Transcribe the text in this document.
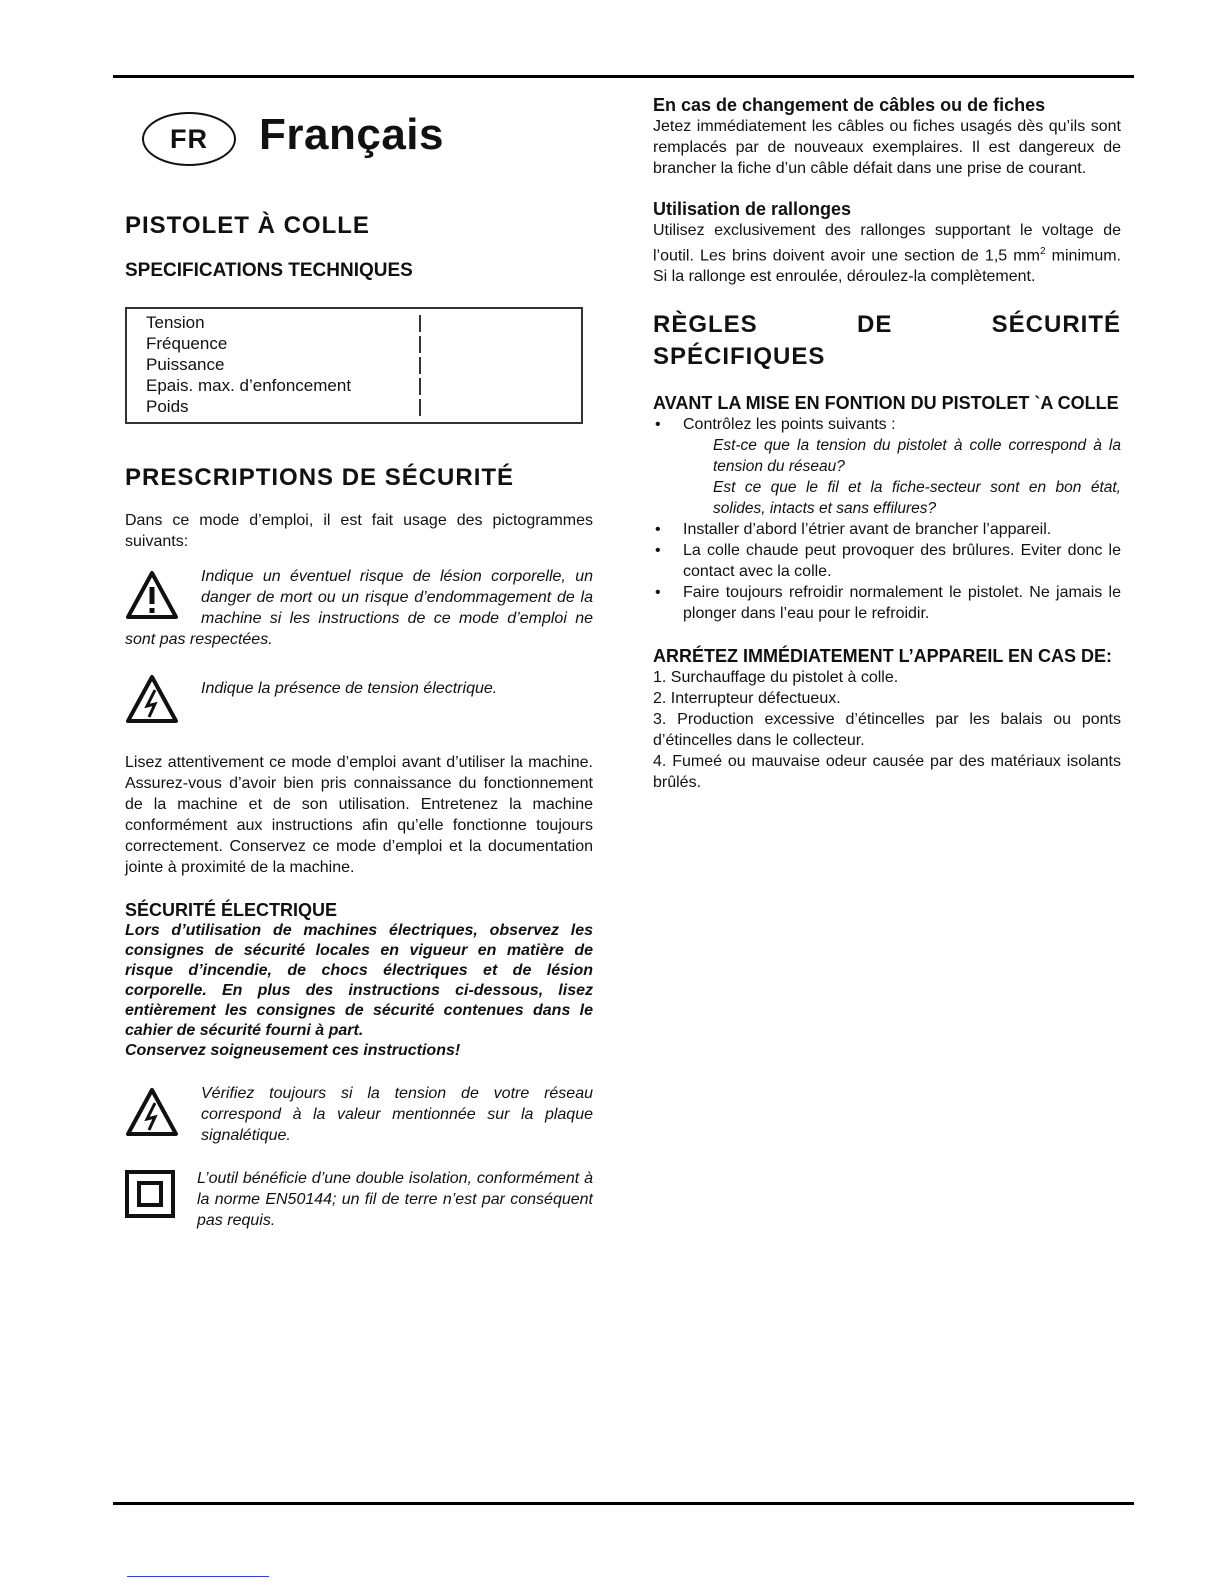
FR	Français
PISTOLET À COLLE
SPECIFICATIONS TECHNIQUES
Tension
Fréquence
Puissance
Epais. max. d’enfoncement
Poids
PRESCRIPTIONS DE SÉCURITÉ

Dans ce mode d’emploi, il est fait usage des pictogrammes suivants:

Indique un éventuel risque de lésion corporelle, un danger de mort ou un risque d’endommagement de la machine si les instructions de ce mode d’emploi ne sont pas respectées.
Indique la présence de tension électrique.

Lisez attentivement ce mode d’emploi avant d’utiliser la machine. Assurez-vous d’avoir bien pris connaissance du fonctionnement de la machine et de son utilisation. Entretenez la machine conformément aux instructions afin qu’elle fonctionne toujours correctement. Conservez ce mode d’emploi et la documentation jointe à proximité de la machine.

SÉCURITÉ ÉLECTRIQUE
Lors d’utilisation de machines électriques, observez les consignes de sécurité locales en vigueur en matière de risque d’incendie, de chocs électriques et de lésion corporelle. En plus des instructions ci-dessous, lisez entièrement les consignes de sécurité contenues dans le cahier de sécurité fourni à part.
Conservez soigneusement ces instructions!
Vérifiez toujours si la tension de votre réseau correspond à la valeur mentionnée sur la plaque signalétique.
L’outil bénéficie d’une double isolation, conformément à la norme EN50144; un fil de terre n’est par conséquent pas requis.
En cas de changement de câbles ou de fiches

Jetez immédiatement les câbles ou fiches usagés dès qu’ils sont remplacés par de nouveaux exemplaires. Il est dangereux de brancher la fiche d’un câble défait dans une prise de courant.

Utilisation de rallonges

Utilisez exclusivement des rallonges supportant le voltage de l’outil. Les brins doivent avoir une section de 1,5 $mm^2$ minimum. Si la rallonge est enroulée, déroulez-la complètement.

RÈGLES DE SÉCURITÉ SPÉCIFIQUES
AVANT LA MISE EN FONTION DU PISTOLET `A COLLE
• Contrôlez les points suivants :
Est-ce que la tension du pistolet à colle correspond à la tension du réseau?
Est ce que le fil et la fiche-secteur sont en bon état, solides, intacts et sans effilures?
• Installer d’abord l’étrier avant de brancher l’appareil.
• La colle chaude peut provoquer des brûlures. Eviter donc le contact avec la colle.
• Faire toujours refroidir normalement le pistolet. Ne jamais le plonger dans l’eau pour le refroidir.
ARRÉTEZ IMMÉDIATEMENT L’APPAREIL EN CAS DE:
1. Surchauffage du pistolet à colle.
2. Interrupteur défectueux.
3. Production excessive d’étincelles par les balais ou ponts d’étincelles dans le collecteur.
4. Fumeé ou mauvaise odeur causée par des matériaux isolants brûlés.
